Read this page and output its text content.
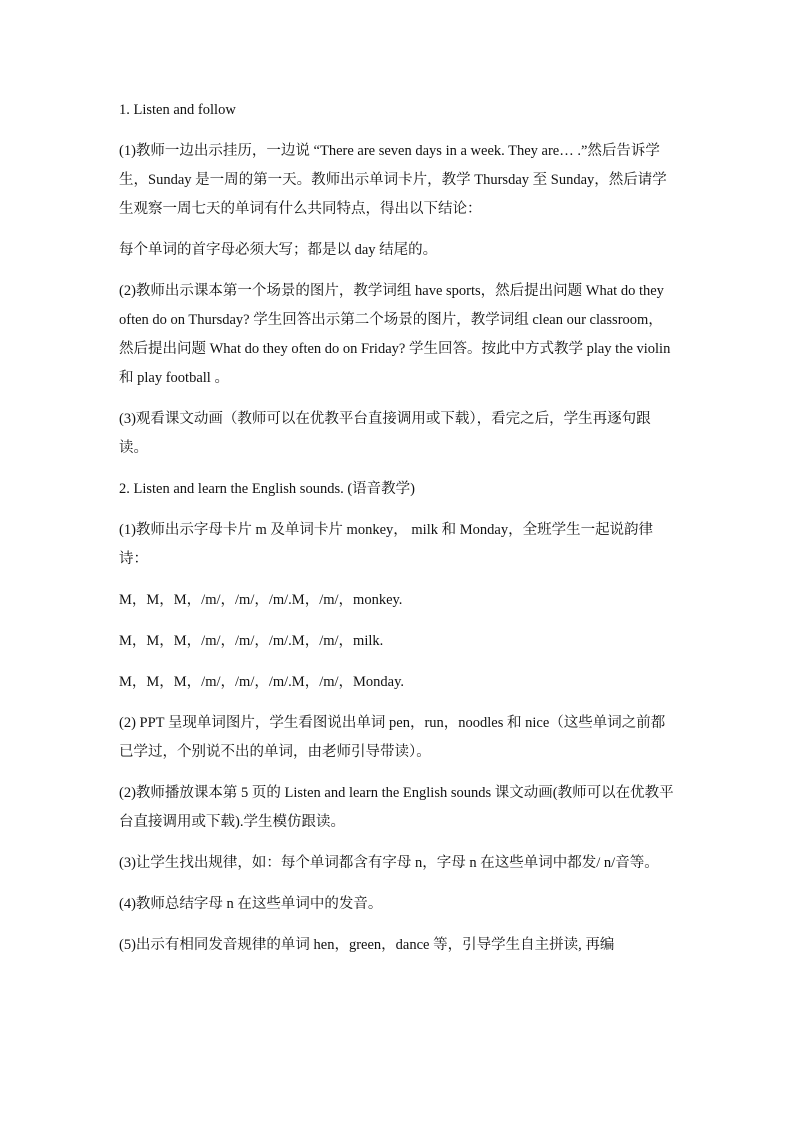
1. Listen and follow

(1)教师一边出示挂历，一边说 “There are seven days in a week. They are… .”然后告诉学生，Sunday 是一周的第一天。教师出示单词卡片，教学 Thursday 至 Sunday，然后请学生观察一周七天的单词有什么共同特点，得出以下结论：

每个单词的首字母必须大写；都是以 day 结尾的。

(2)教师出示课本第一个场景的图片，教学词组 have sports，然后提出问题 What do they often do on Thursday? 学生回答出示第二个场景的图片，教学词组 clean our classroom，然后提出问题 What do they often do on Friday? 学生回答。按此中方式教学 play the violin 和 play football 。

(3)观看课文动画（教师可以在优教平台直接调用或下载），看完之后，学生再逐句跟读。

2. Listen and learn the English sounds. (语音教学)

(1)教师出示字母卡片 m 及单词卡片 monkey， milk 和 Monday，全班学生一起说韵律诗：

M，M，M，/m/，/m/，/m/.M，/m/，monkey.

M，M，M，/m/，/m/，/m/.M，/m/，milk.

M，M，M，/m/，/m/，/m/.M，/m/，Monday.

(2) PPT 呈现单词图片，学生看图说出单词 pen，run，noodles 和 nice（这些单词之前都已学过，个别说不出的单词，由老师引导带读）。

(2)教师播放课本第 5 页的 Listen and learn the English sounds 课文动画(教师可以在优教平台直接调用或下载).学生模仿跟读。

(3)让学生找出规律，如：每个单词都含有字母 n，字母 n 在这些单词中都发/ n/音等。

(4)教师总结字母 n 在这些单词中的发音。

(5)出示有相同发音规律的单词 hen，green，dance 等，引导学生自主拼读, 再编
